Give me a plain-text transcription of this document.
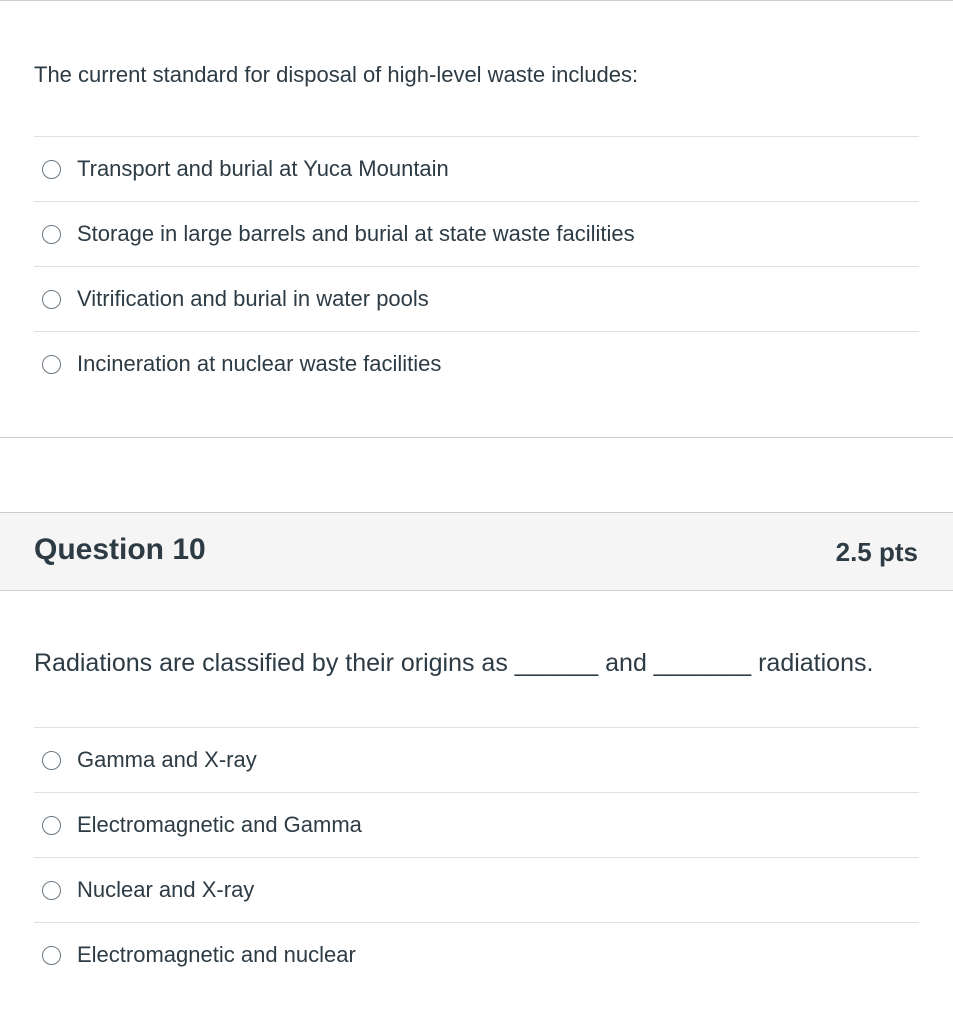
The current standard for disposal of high-level waste includes:
Transport and burial at Yuca Mountain
Storage in large barrels and burial at state waste facilities
Vitrification and burial in water pools
Incineration at nuclear waste facilities
Question 10	2.5 pts
Radiations are classified by their origins as ______ and _______ radiations.
Gamma and X-ray
Electromagnetic and Gamma
Nuclear and X-ray
Electromagnetic and nuclear
